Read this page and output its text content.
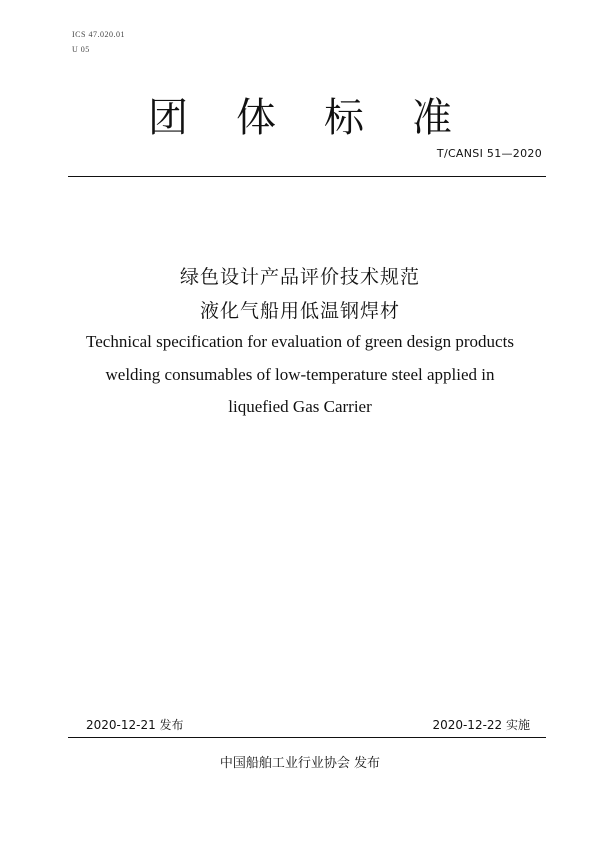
ICS 47.020.01
U 05
团体标准
T/CANSI 51—2020
绿色设计产品评价技术规范
液化气船用低温钢焊材
Technical specification for evaluation of green design products
welding consumables of low-temperature steel applied in
liquefied Gas Carrier
2020-12-21 发布	2020-12-22 实施
中国船舶工业行业协会 发布
